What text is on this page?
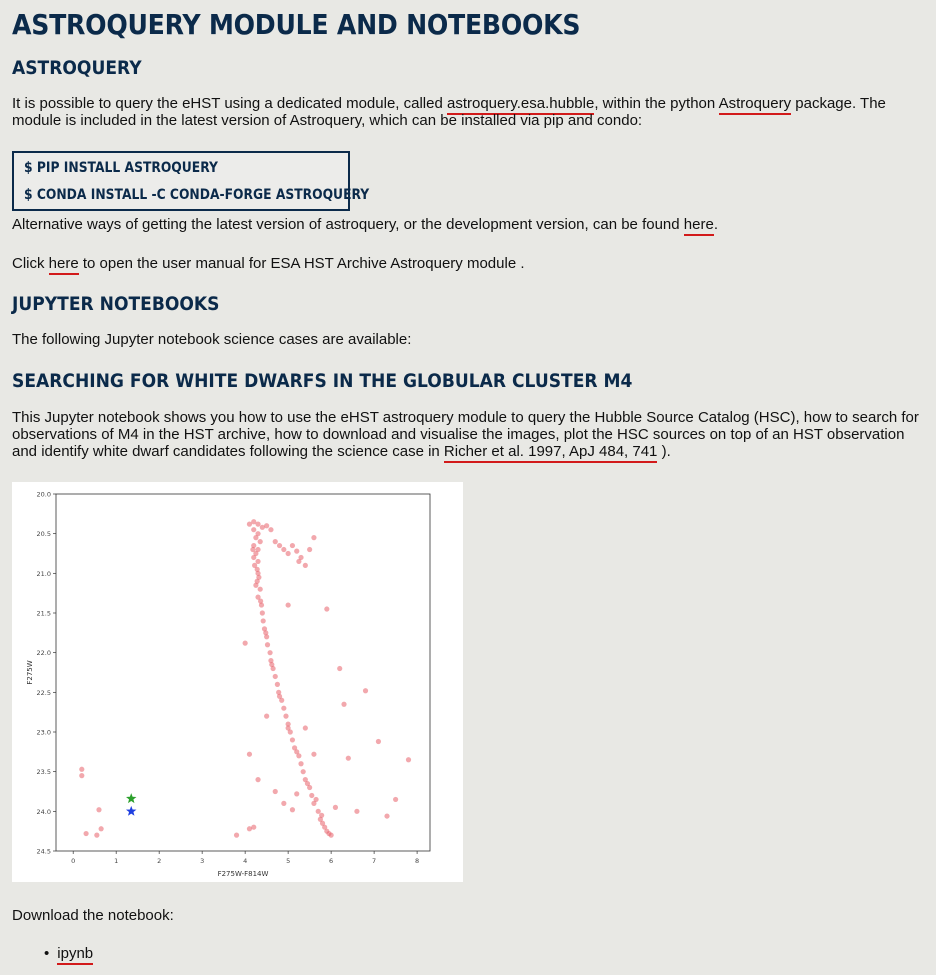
ASTROQUERY MODULE AND NOTEBOOKS
ASTROQUERY

It is possible to query the eHST using a dedicated module, called astroquery.esa.hubble, within the python Astroquery package. The module is included in the latest version of Astroquery, which can be installed via pip and condo:

$ PIP INSTALL ASTROQUERY
$ CONDA INSTALL -C CONDA-FORGE ASTROQUERY

Alternative ways of getting the latest version of astroquery, or the development version, can be found here.

Click here to open the user manual for ESA HST Archive Astroquery module .

JUPYTER NOTEBOOKS

The following Jupyter notebook science cases are available:

SEARCHING FOR WHITE DWARFS IN THE GLOBULAR CLUSTER M4

This Jupyter notebook shows you how to use the eHST astroquery module to query the Hubble Source Catalog (HSC), how to search for observations of M4 in the HST archive, how to download and visualise the images, plot the HSC sources on top of an HST observation and identify white dwarf candidates following the science case in Richer et al. 1997, ApJ 484, 741 ).

0	1	2	3	4	5	6	7	8
20.0
20.5
21.0
21.5
22.0
22.5
23.0
23.5
24.0
24.5
F275W-F814W
F275W

Download the notebook:

• ipynb
